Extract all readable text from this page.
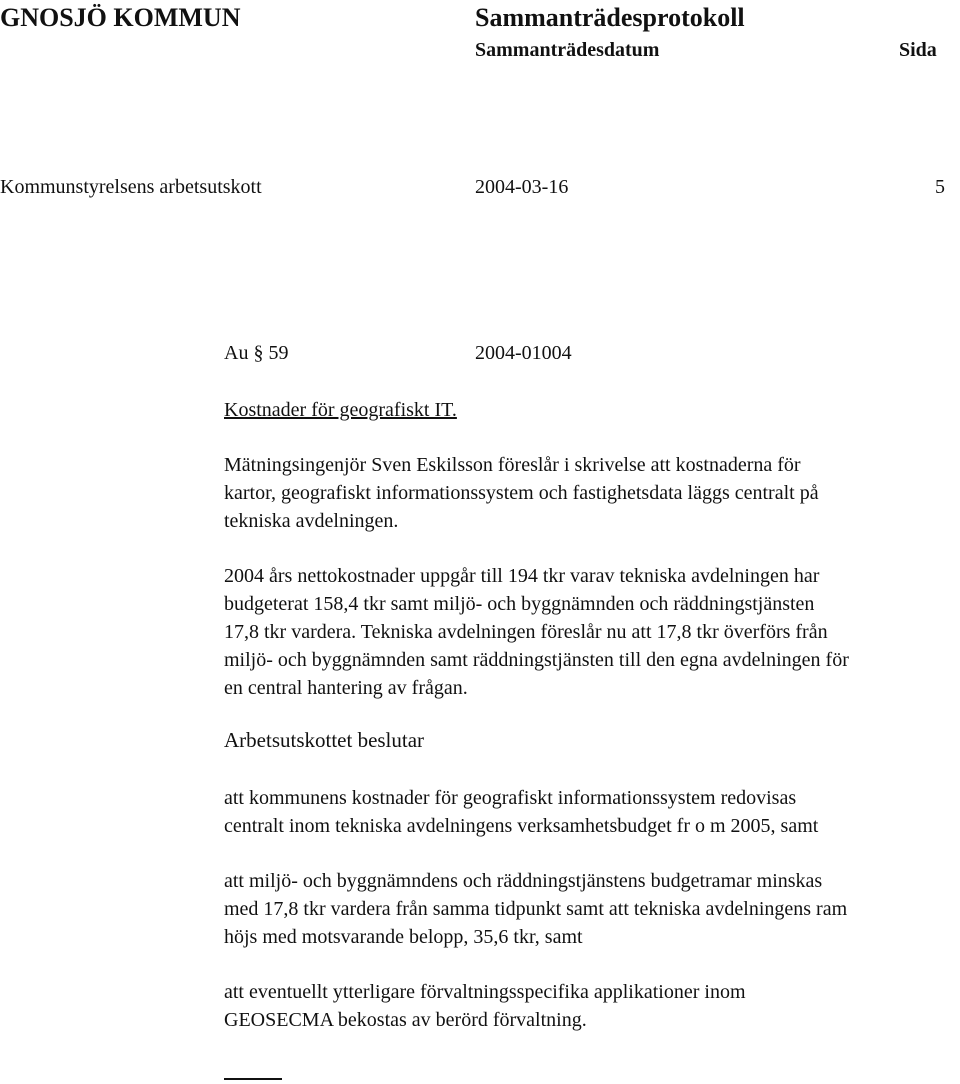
GNOSJÖ KOMMUN	Sammanträdesprotokoll
Sammanträdesdatum	Sida
Kommunstyrelsens arbetsutskott	2004-03-16	5
Au § 59	2004-01004
Kostnader för geografiskt IT.
Mätningsingenjör Sven Eskilsson föreslår i skrivelse att kostnaderna för
kartor, geografiskt informationssystem och fastighetsdata läggs centralt på
tekniska avdelningen.
2004 års nettokostnader uppgår till 194 tkr varav tekniska avdelningen har
budgeterat 158,4 tkr samt miljö- och byggnämnden och räddningstjänsten
17,8 tkr vardera. Tekniska avdelningen föreslår nu att 17,8 tkr överförs från
miljö- och byggnämnden samt räddningstjänsten till den egna avdelningen för
en central hantering av frågan.
Arbetsutskottet beslutar
att kommunens kostnader för geografiskt informationssystem redovisas
centralt inom tekniska avdelningens verksamhetsbudget fr o m 2005, samt
att miljö- och byggnämndens och räddningstjänstens budgetramar minskas
med 17,8 tkr vardera från samma tidpunkt samt att tekniska avdelningens ram
höjs med motsvarande belopp, 35,6 tkr, samt
att eventuellt ytterligare förvaltningsspecifika applikationer inom
GEOSECMA bekostas av berörd förvaltning.
